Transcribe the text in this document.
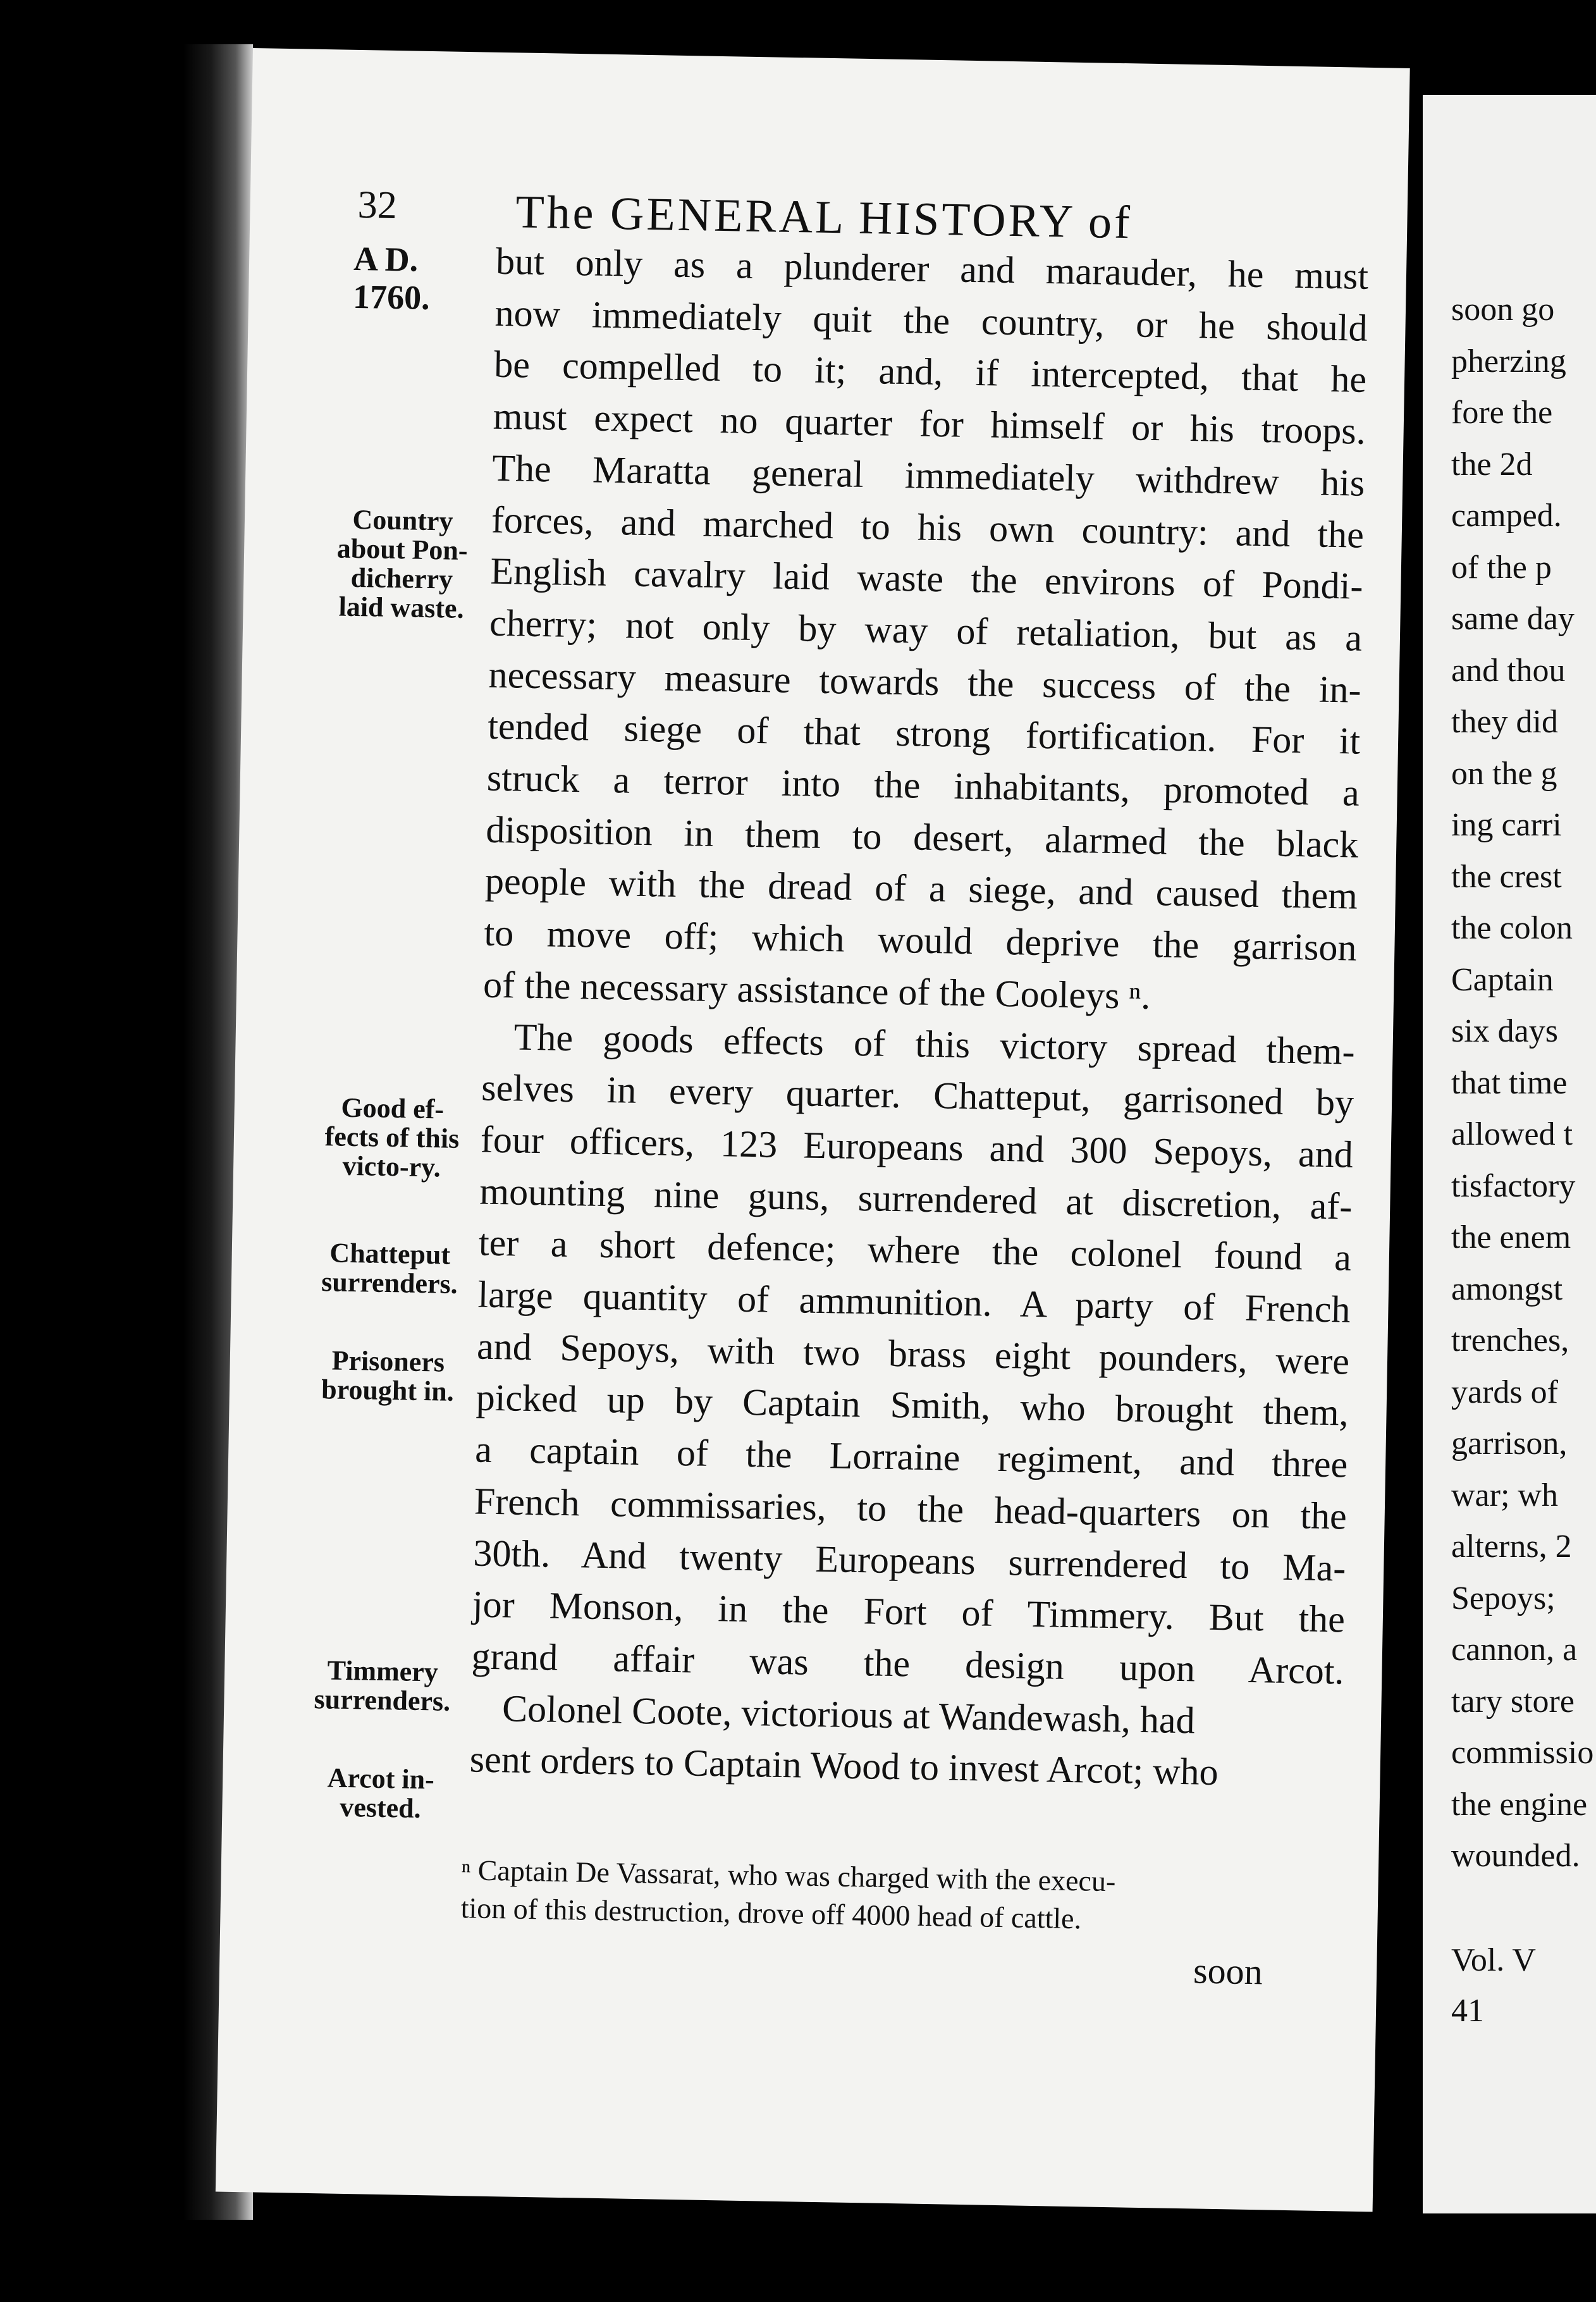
soon go
pherzing
fore the
the 2d
camped.
of the p
same day
and thou
they did
on the g
ing carri
the crest
the colon
Captain
six days
that time
allowed t
tisfactory
the enem
amongst
trenches,
yards of
garrison,
war; wh
alterns, 2
Sepoys;
cannon, a
tary store
commissio
the engine
wounded.
Vol. V
41
32	The GENERAL HISTORY of
A D.
1760.
Country about Pon-dicherry laid waste.
Good ef-fects of this victo-ry.
Chatteput surrenders.
Prisoners brought in.
Timmery surrenders.
Arcot in-vested.
but only as a plunderer and marauder, he must
now immediately quit the country, or he should
be compelled to it; and, if intercepted, that he
must expect no quarter for himself or his troops.
The Maratta general immediately withdrew his
forces, and marched to his own country: and the
English cavalry laid waste the environs of Pondi-
cherry; not only by way of retaliation, but as a
necessary measure towards the success of the in-
tended siege of that strong fortification. For it
struck a terror into the inhabitants, promoted a
disposition in them to desert, alarmed the black
people with the dread of a siege, and caused them
to move off; which would deprive the garrison
of the necessary assistance of the Cooleys ⁿ.
The goods effects of this victory spread them-
selves in every quarter. Chatteput, garrisoned by
four officers, 123 Europeans and 300 Sepoys, and
mounting nine guns, surrendered at discretion, af-
ter a short defence; where the colonel found a
large quantity of ammunition. A party of French
and Sepoys, with two brass eight pounders, were
picked up by Captain Smith, who brought them,
a captain of the Lorraine regiment, and three
French commissaries, to the head-quarters on the
30th. And twenty Europeans surrendered to Ma-
jor Monson, in the Fort of Timmery. But the
grand affair was the design upon Arcot.
Colonel Coote, victorious at Wandewash, had
sent orders to Captain Wood to invest Arcot; who
ⁿ Captain De Vassarat, who was charged with the execu-
tion of this destruction, drove off 4000 head of cattle.
soon
